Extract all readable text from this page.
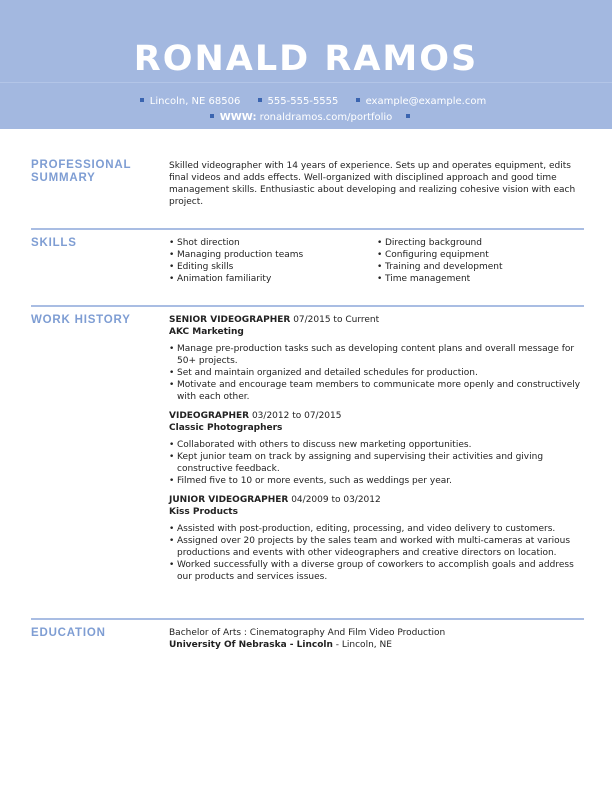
RONALD RAMOS
Lincoln, NE 68506	555-555-5555	example@example.com
WWW: ronaldramos.com/portfolio
PROFESSIONAL
SUMMARY

Skilled videographer with 14 years of experience. Sets up and operates equipment, edits final videos and adds effects. Well-organized with disciplined approach and good time management skills. Enthusiastic about developing and realizing cohesive vision with each project.

SKILLS
•	Shot direction
• Managing production teams
• Editing skills
• Animation familiarity
• Directing background
• Configuring equipment
• Training and development
• Time management
WORK HISTORY	SENIOR VIDEOGRAPHER 07/2015 to Current
AKC Marketing
• Manage pre-production tasks such as developing content plans and overall message for 50+ projects.
• Set and maintain organized and detailed schedules for production.
• Motivate and encourage team members to communicate more openly and constructively with each other.
VIDEOGRAPHER 03/2012 to 07/2015
Classic Photographers
• Collaborated with others to discuss new marketing opportunities.
• Kept junior team on track by assigning and supervising their activities and giving constructive feedback.
• Filmed five to 10 or more events, such as weddings per year.
JUNIOR VIDEOGRAPHER 04/2009 to 03/2012
Kiss Products
• Assisted with post-production, editing, processing, and video delivery to customers.
• Assigned over 20 projects by the sales team and worked with multi-cameras at various productions and events with other videographers and creative directors on location.
• Worked successfully with a diverse group of coworkers to accomplish goals and address our products and services issues.
EDUCATION	Bachelor of Arts : Cinematography And Film Video Production
University Of Nebraska - Lincoln - Lincoln, NE
